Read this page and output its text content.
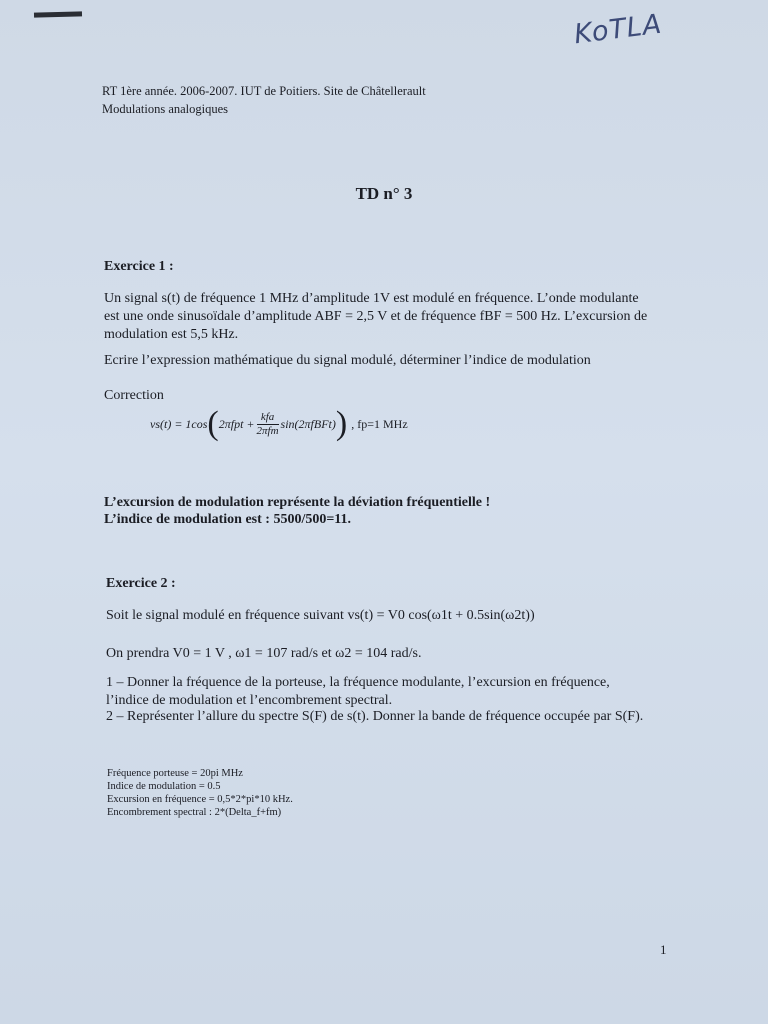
KoTLA
RT 1ère année. 2006-2007. IUT de Poitiers. Site de Châtellerault
Modulations analogiques
TD n° 3
Exercice 1 :
Un signal s(t) de fréquence 1 MHz d’amplitude 1V est modulé en fréquence. L’onde modulante est une onde sinusoïdale d’amplitude ABF = 2,5 V et de fréquence fBF = 500 Hz. L’excursion de modulation est 5,5 kHz.
Ecrire l’expression mathématique du signal modulé, déterminer l’indice de modulation
Correction
vs(t) = 1cos ( $2\pi fpt + \frac{\text{kfa}}{\text{2πfm}}$ sin(2πfBFt) ) , fp=1 MHz
L’excursion de modulation représente la déviation fréquentielle !
L’indice de modulation est : 5500/500=11.
Exercice 2 :
Soit le signal modulé en fréquence suivant vs(t) = V0 cos(ω1t + 0.5sin(ω2t))
On prendra V0 = 1 V , ω1 = 107 rad/s et ω2 = 104 rad/s.
1 – Donner la fréquence de la porteuse, la fréquence modulante, l’excursion en fréquence, l’indice de modulation et l’encombrement spectral.
2 – Représenter l’allure du spectre S(F) de s(t). Donner la bande de fréquence occupée par S(F).
Fréquence porteuse = 20pi MHz
Indice de modulation = 0.5
Excursion en fréquence = 0,5*2*pi*10 kHz.
Encombrement spectral : 2*(Delta_f+fm)
1
